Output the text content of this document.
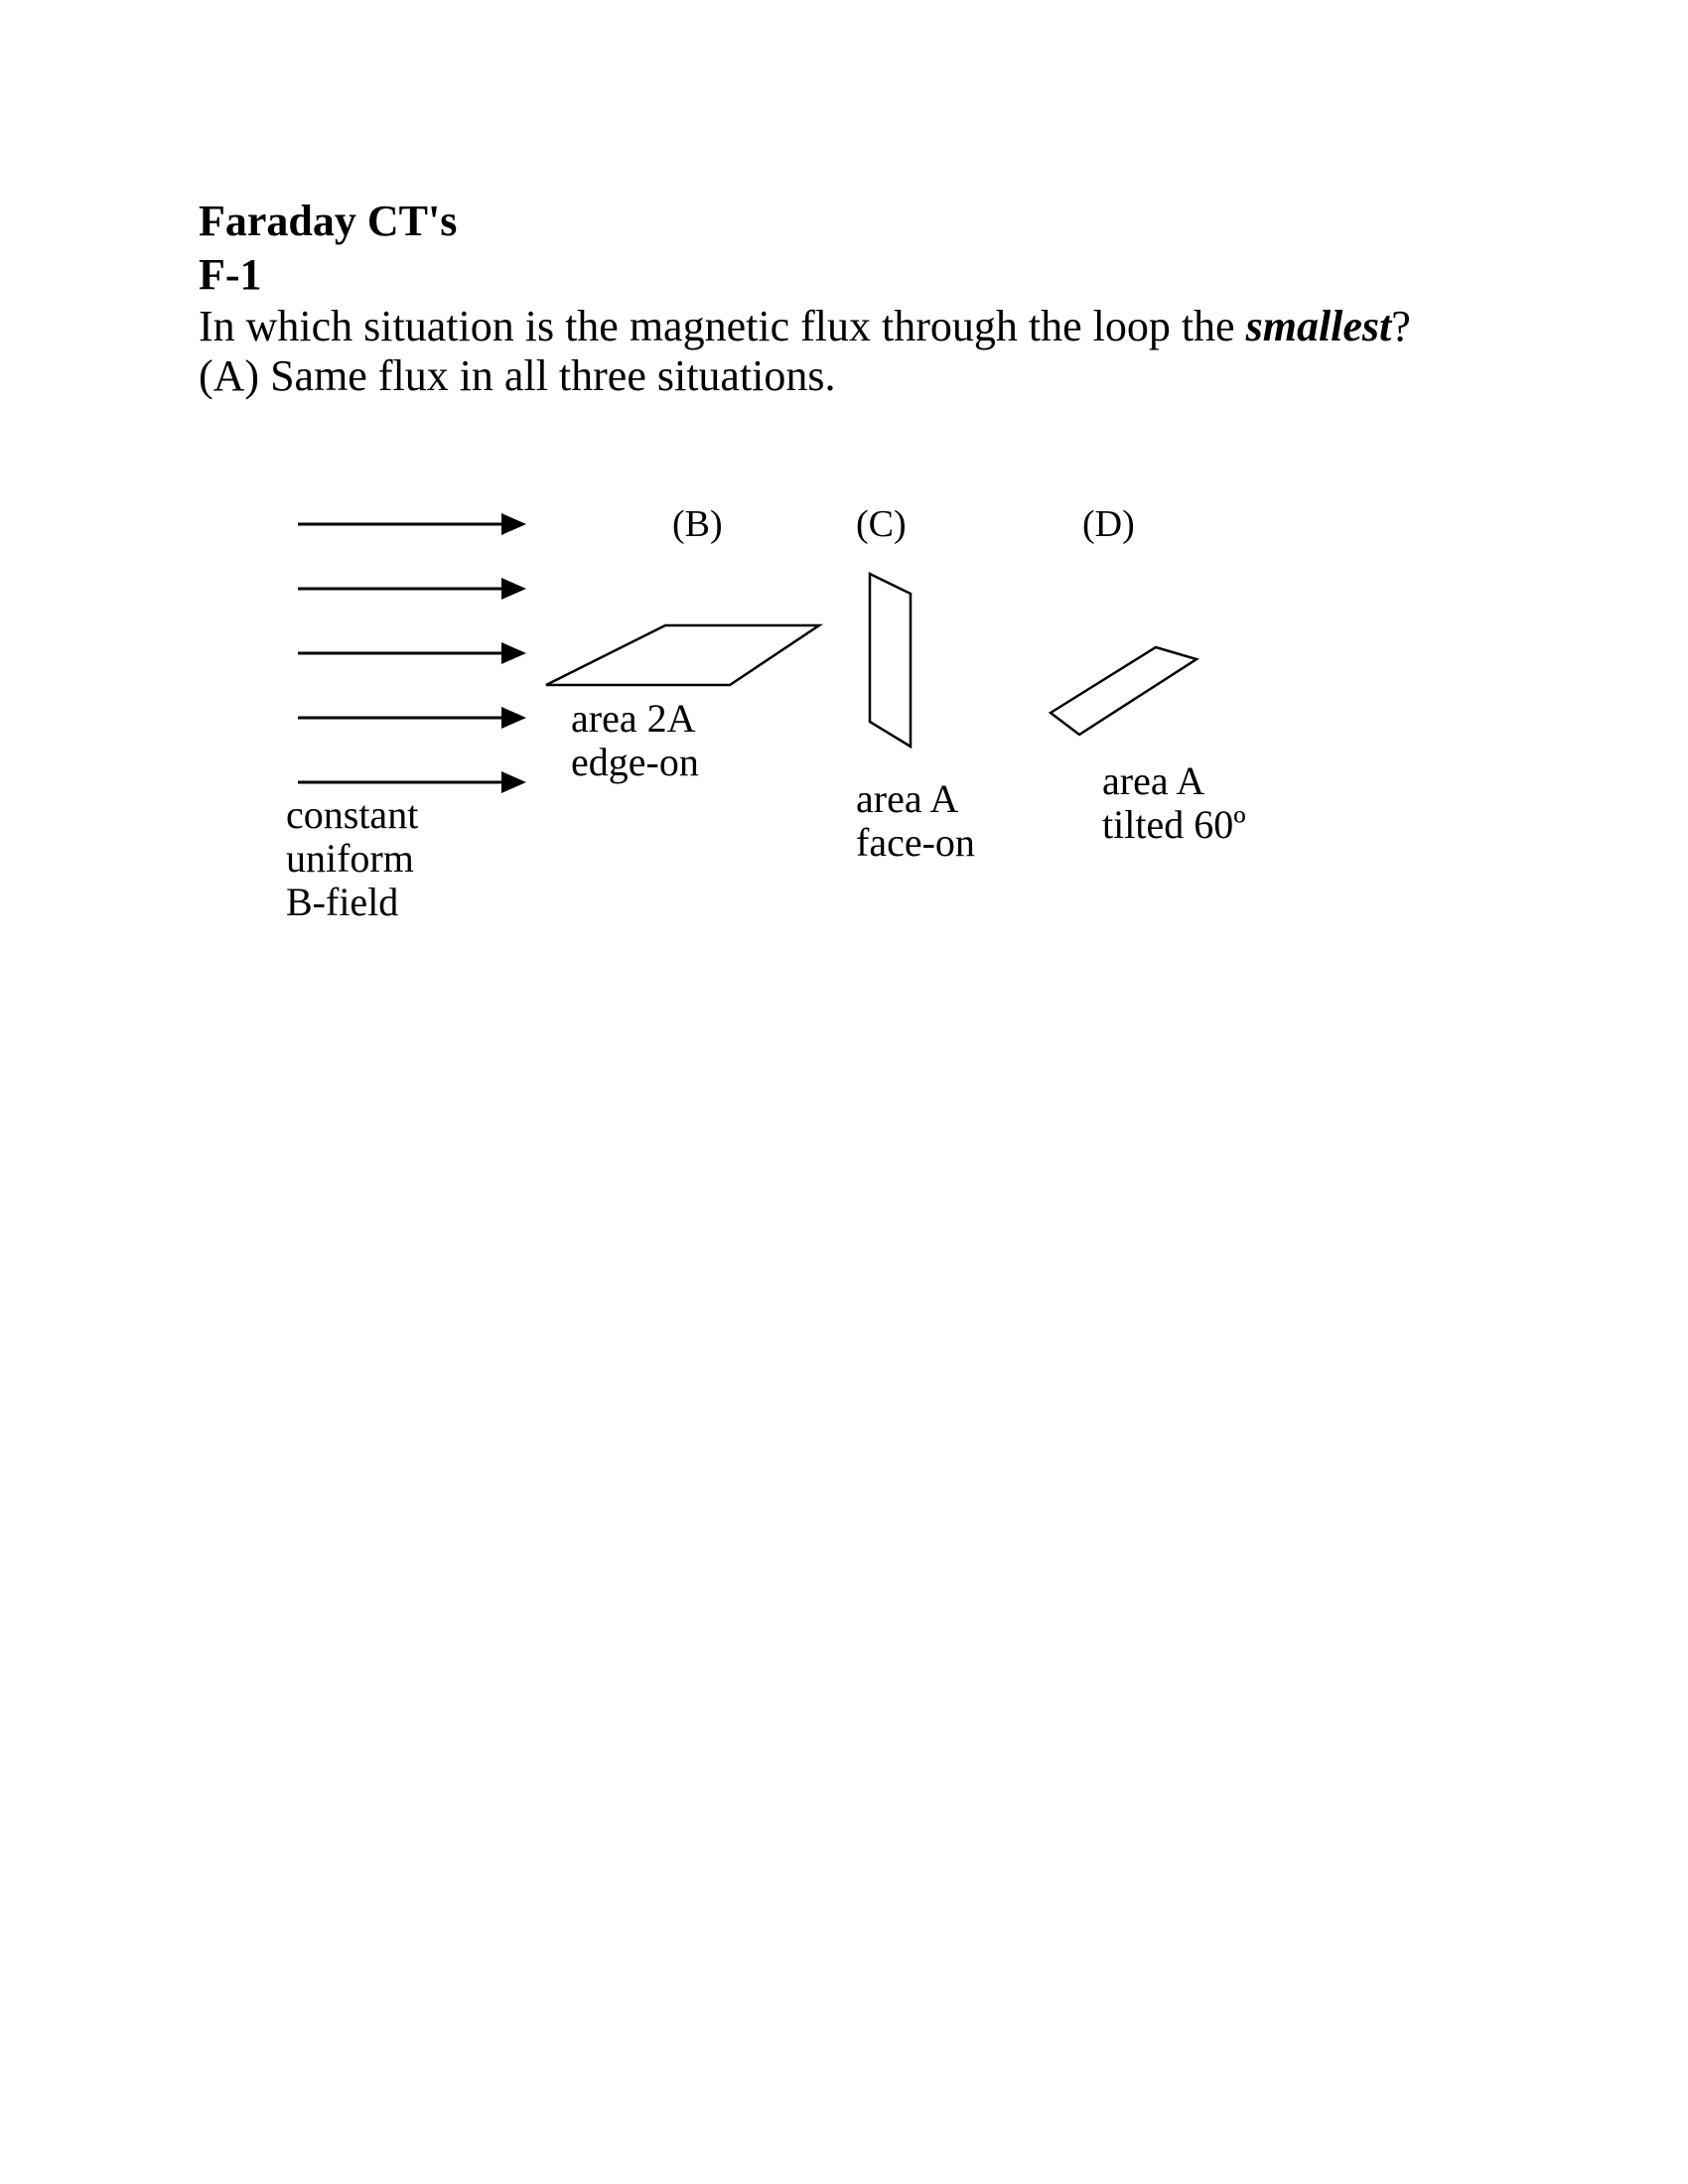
Faraday CT's
F-1

In which situation is the magnetic flux through the loop the smallest?

(A) Same flux in all three situations.

constant uniform B-field
(B)
area 2A edge-on
(C)
area A face-on
(D)
area A tilted 60º
